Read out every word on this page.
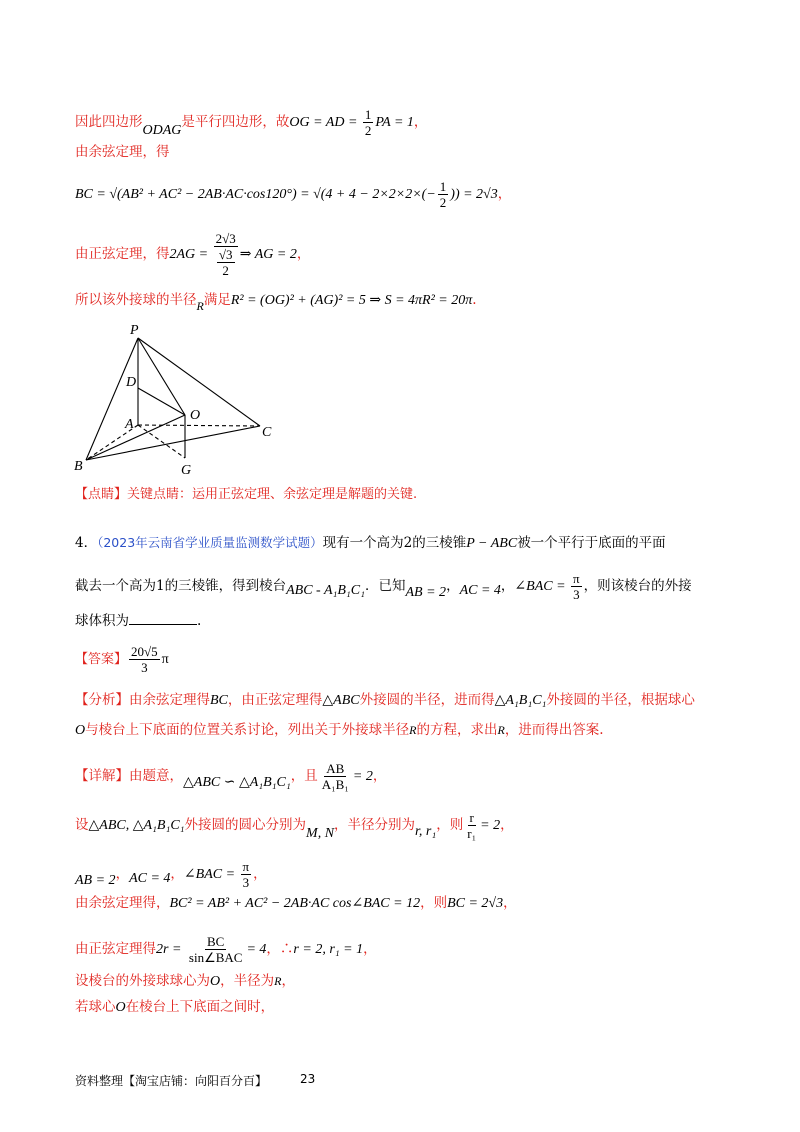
因此四边形ODAG是平行四边形，故OG = AD = $\frac{1}{2}$ PA = 1，
由余弦定理，得
BC = $√(AB^2 + AC^2 - 2AB\cdot AC\cdot\cos 120^\circ) = √(4 + 4 - 2\times 2\times 2\times(- \frac{1}{2}$ )) = 2√3，
由正弦定理，得$2AG = \frac{2√3}{\frac{√3}{2}}$ ⇒ AG = 2，
所以该外接球的半径R满足R² = (OG)² + (AG)² = 5 ⇒ S = 4πR² = 20π.
P
D
O
A
C
B	G
【点睛】关键点睛：运用正弦定理、余弦定理是解题的关键.
4．（2023年云南省学业质量监测数学试题）现有一个高为2的三棱锥P − ABC被一个平行于底面的平面
截去一个高为1的三棱锥，得到棱台ABC - A₁B₁C₁．已知AB = 2，AC = 4，∠BAC = $\frac{\pi}{3}$ ，则该棱台的外接
球体积为	.
【答案】 $\frac{20√5}{3}$ π
【分析】由余弦定理得BC，由正弦定理得△ABC外接圆的半径，进而得△A₁B₁C₁外接圆的半径，根据球心
O与棱台上下底面的位置关系讨论，列出关于外接球半径R的方程，求出R，进而得出答案.
【详解】由题意，△ABC ∽ △A₁B₁C₁，且 $\frac{AB}{\text{A₁B₁}} = 2$，
设△ABC, △A₁B₁C₁外接圆的圆心分别为M, N，半径分别为r, r₁，则 $\frac{r}{\text{r₁}} = 2$，
AB = 2，AC = 4，∠BAC = $\frac{\pi}{3}$ ，
由余弦定理得，BC² = AB² + AC² − 2AB·AC cos∠BAC = 12，则BC = 2√3，
由正弦定理得$2r = \frac{BC}{\text{sin∠BAC}} = 4$，∴r = 2, r₁ = 1，
设棱台的外接球球心为O，半径为R，
若球心O在棱台上下底面之间时，
资料整理【淘宝店铺：向阳百分百】	23
